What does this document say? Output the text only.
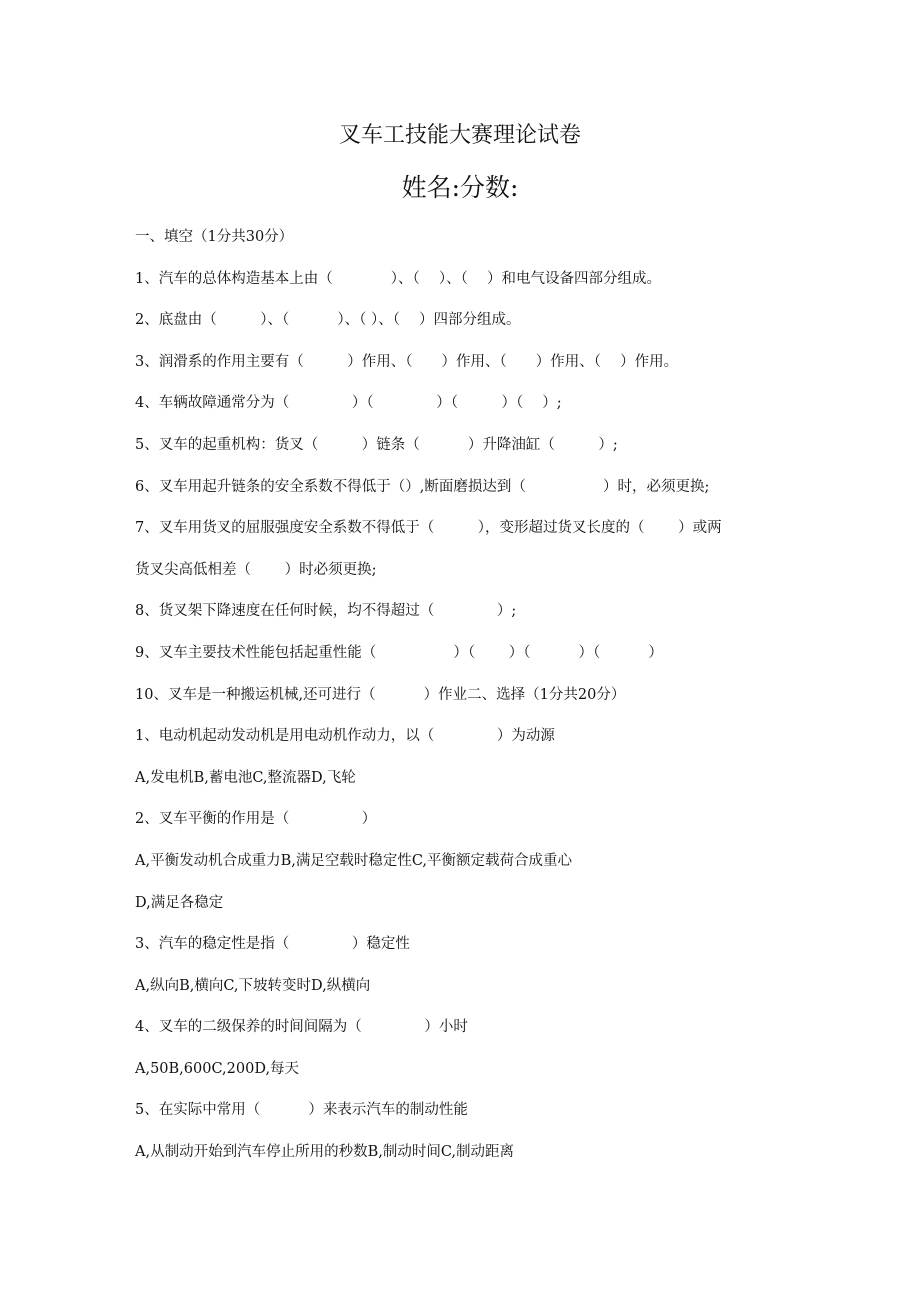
叉车工技能大赛理论试卷
姓名:分数:
一、填空（1分共30分）
1、汽车的总体构造基本上由（　　　　）、（　 ）、（　 ）和电气设备四部分组成。
2、底盘由（　　　）、（　　　 ）、（ ）、（　 ）四部分组成。
3、润滑系的作用主要有（　　　）作用、（　　）作用、（　　）作用、（　 ）作用。
4、车辆故障通常分为（　　　　 ）（　　　　 ）（　　　）（　 ）;
5、叉车的起重机构：货叉（　　　）链条（　　　 ）升降油缸（　　　）;
6、叉车用起升链条的安全系数不得低于（）,断面磨损达到（　　　　　 ）时，必须更换;
7、叉车用货叉的屈服强度安全系数不得低于（　　　），变形超过货叉长度的（　　 ）或两
货叉尖高低相差（　　 ）时必须更换;
8、货叉架下降速度在任何时候，均不得超过（　　　　 ）;
9、叉车主要技术性能包括起重性能（　　　　　 ）（　　 ）（　　　 ）（　　　 ）
10、叉车是一种搬运机械,还可进行（　　　 ）作业二、选择（1分共20分）
1、电动机起动发动机是用电动机作动力，以（　　　　 ）为动源
A,发电机B,蓄电池C,整流器D,飞轮
2、叉车平衡的作用是（　　　　　）
A,平衡发动机合成重力B,满足空载时稳定性C,平衡额定载荷合成重心
D,满足各稳定
3、汽车的稳定性是指（　　　　 ）稳定性
A,纵向B,横向C,下坡转变时D,纵横向
4、叉车的二级保养的时间间隔为（　　　　 ）小时
A,50B,600C,200D,每天
5、在实际中常用（　　　 ）来表示汽车的制动性能
A,从制动开始到汽车停止所用的秒数B,制动时间C,制动距离
